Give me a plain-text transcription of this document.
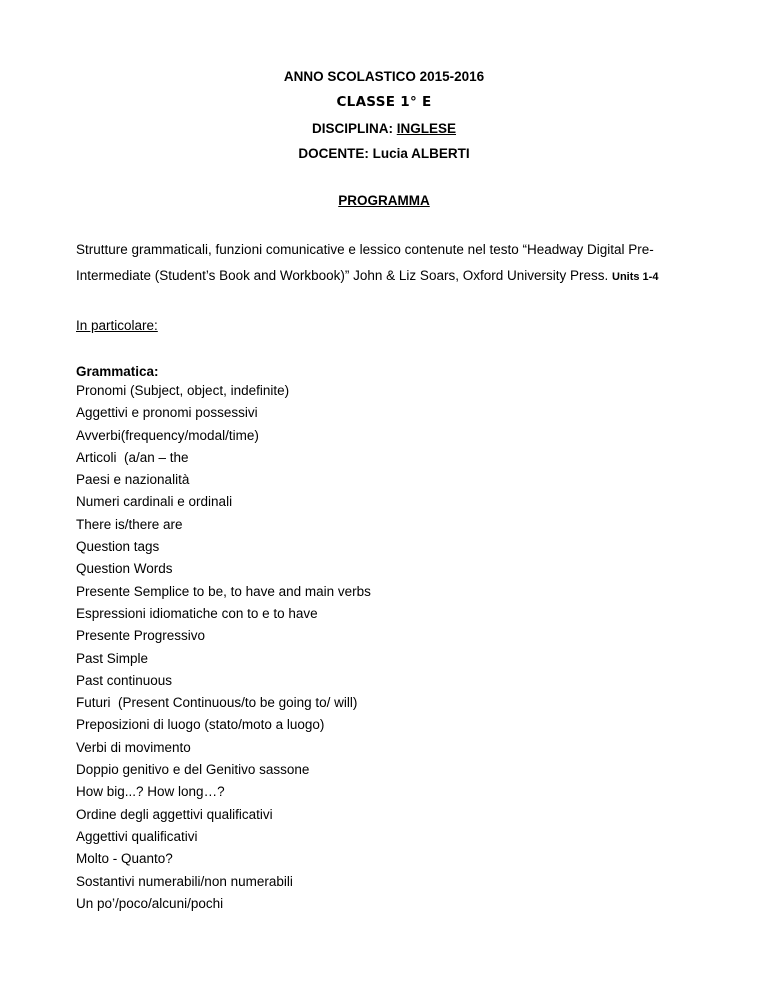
ANNO SCOLASTICO 2015-2016

CLASSE 1° E

DISCIPLINA: INGLESE

DOCENTE: Lucia ALBERTI

PROGRAMMA

Strutture grammaticali, funzioni comunicative e lessico contenute nel testo “Headway Digital Pre-

Intermediate (Student’s Book and Workbook)” John & Liz Soars, Oxford University Press. Units 1-4

In particolare:

Grammatica:

Pronomi (Subject, object, indefinite)
Aggettivi e pronomi possessivi
Avverbi(frequency/modal/time)
Articoli  (a/an – the
Paesi e nazionalità
Numeri cardinali e ordinali
There is/there are
Question tags
Question Words
Presente Semplice to be, to have and main verbs
Espressioni idiomatiche con to e to have
Presente Progressivo
Past Simple
Past continuous
Futuri  (Present Continuous/to be going to/ will)
Preposizioni di luogo (stato/moto a luogo)
Verbi di movimento
Doppio genitivo e del Genitivo sassone
How big...? How long…?
Ordine degli aggettivi qualificativi
Aggettivi qualificativi
Molto - Quanto?
Sostantivi numerabili/non numerabili
Un po’/poco/alcuni/pochi
